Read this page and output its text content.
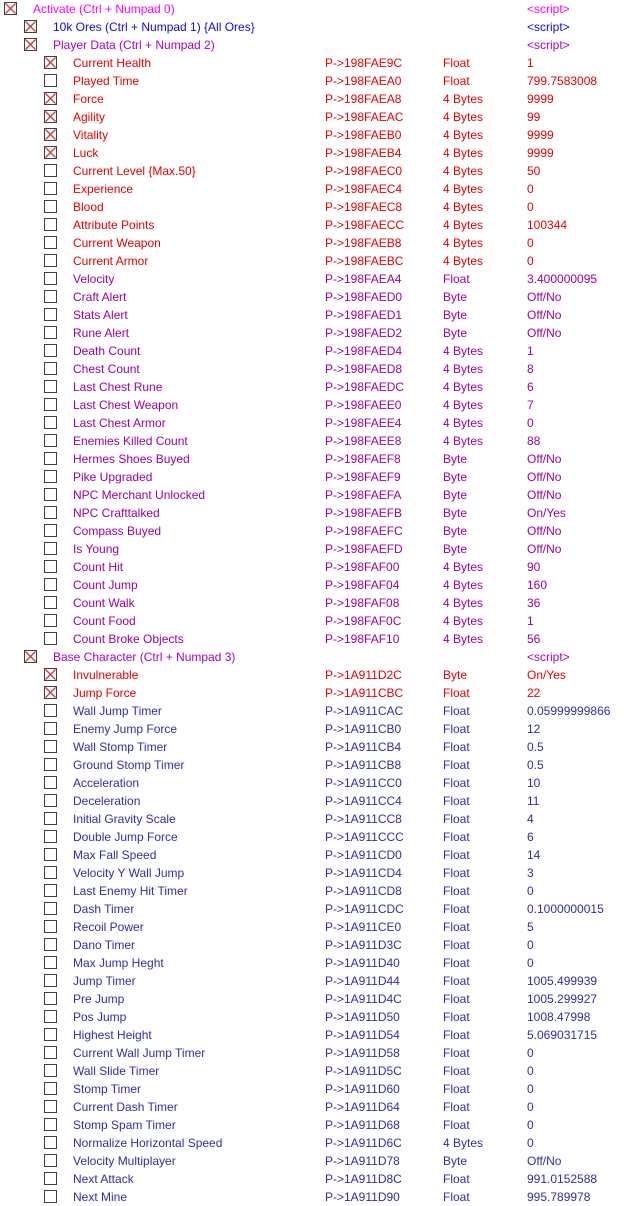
Activate (Ctrl + Numpad 0)	<script>
10k Ores (Ctrl + Numpad 1) {All Ores}	<script>
Player Data (Ctrl + Numpad 2)	<script>
Current Health	P->198FAE9C	Float	1
Played Time	P->198FAEA0	Float	799.7583008
Force	P->198FAEA8	4 Bytes	9999
Agility	P->198FAEAC	4 Bytes	99
Vitality	P->198FAEB0	4 Bytes	9999
Luck	P->198FAEB4	4 Bytes	9999
Current Level {Max.50}	P->198FAEC0	4 Bytes	50
Experience	P->198FAEC4	4 Bytes	0
Blood	P->198FAEC8	4 Bytes	0
Attribute Points	P->198FAECC	4 Bytes	100344
Current Weapon	P->198FAEB8	4 Bytes	0
Current Armor	P->198FAEBC	4 Bytes	0
Velocity	P->198FAEA4	Float	3.400000095
Craft Alert	P->198FAED0	Byte	Off/No
Stats Alert	P->198FAED1	Byte	Off/No
Rune Alert	P->198FAED2	Byte	Off/No
Death Count	P->198FAED4	4 Bytes	1
Chest Count	P->198FAED8	4 Bytes	8
Last Chest Rune	P->198FAEDC	4 Bytes	6
Last Chest Weapon	P->198FAEE0	4 Bytes	7
Last Chest Armor	P->198FAEE4	4 Bytes	0
Enemies Killed Count	P->198FAEE8	4 Bytes	88
Hermes Shoes Buyed	P->198FAEF8	Byte	Off/No
Pike Upgraded	P->198FAEF9	Byte	Off/No
NPC Merchant Unlocked	P->198FAEFA	Byte	Off/No
NPC Crafttalked	P->198FAEFB	Byte	On/Yes
Compass Buyed	P->198FAEFC	Byte	Off/No
Is Young	P->198FAEFD	Byte	Off/No
Count Hit	P->198FAF00	4 Bytes	90
Count Jump	P->198FAF04	4 Bytes	160
Count Walk	P->198FAF08	4 Bytes	36
Count Food	P->198FAF0C	4 Bytes	1
Count Broke Objects	P->198FAF10	4 Bytes	56
Base Character (Ctrl + Numpad 3)	<script>
Invulnerable	P->1A911D2C	Byte	On/Yes
Jump Force	P->1A911CBC	Float	22
Wall Jump Timer	P->1A911CAC	Float	0.05999999866
Enemy Jump Force	P->1A911CB0	Float	12
Wall Stomp Timer	P->1A911CB4	Float	0.5
Ground Stomp Timer	P->1A911CB8	Float	0.5
Acceleration	P->1A911CC0	Float	10
Deceleration	P->1A911CC4	Float	11
Initial Gravity Scale	P->1A911CC8	Float	4
Double Jump Force	P->1A911CCC	Float	6
Max Fall Speed	P->1A911CD0	Float	14
Velocity Y Wall Jump	P->1A911CD4	Float	3
Last Enemy Hit Timer	P->1A911CD8	Float	0
Dash Timer	P->1A911CDC	Float	0.1000000015
Recoil Power	P->1A911CE0	Float	5
Dano Timer	P->1A911D3C	Float	0
Max Jump Heght	P->1A911D40	Float	0
Jump Timer	P->1A911D44	Float	1005.499939
Pre Jump	P->1A911D4C	Float	1005.299927
Pos Jump	P->1A911D50	Float	1008.47998
Highest Height	P->1A911D54	Float	5.069031715
Current Wall Jump Timer	P->1A911D58	Float	0
Wall Slide Timer	P->1A911D5C	Float	0
Stomp Timer	P->1A911D60	Float	0
Current Dash Timer	P->1A911D64	Float	0
Stomp Spam Timer	P->1A911D68	Float	0
Normalize Horizontal Speed	P->1A911D6C	4 Bytes	0
Velocity Multiplayer	P->1A911D78	Byte	Off/No
Next Attack	P->1A911D8C	Float	991.0152588
Next Mine	P->1A911D90	Float	995.789978
